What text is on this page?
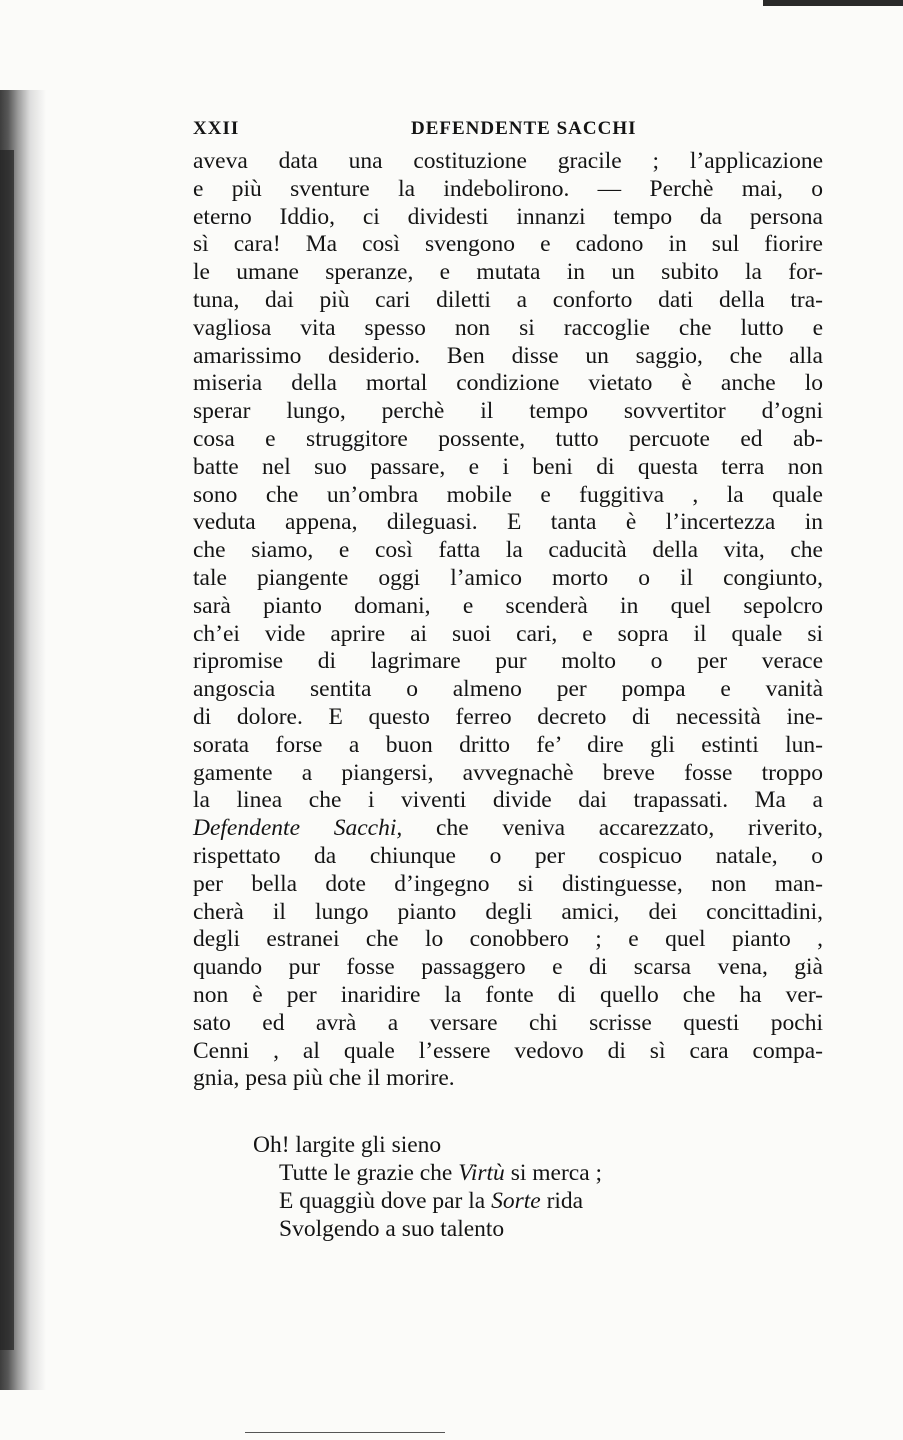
XXII	DEFENDENTE SACCHI
aveva data una costituzione gracile ; l’applicazione
e più sventure la indebolirono. — Perchè mai, o
eterno Iddio, ci dividesti innanzi tempo da persona
sì cara! Ma così svengono e cadono in sul fiorire
le umane speranze, e mutata in un subito la for-
tuna, dai più cari diletti a conforto dati della tra-
vagliosa vita spesso non si raccoglie che lutto e
amarissimo desiderio. Ben disse un saggio, che alla
miseria della mortal condizione vietato è anche lo
sperar lungo, perchè il tempo sovvertitor d’ogni
cosa e struggitore possente, tutto percuote ed ab-
batte nel suo passare, e i beni di questa terra non
sono che un’ombra mobile e fuggitiva , la quale
veduta appena, dileguasi. E tanta è l’incertezza in
che siamo, e così fatta la caducità della vita, che
tale piangente oggi l’amico morto o il congiunto,
sarà pianto domani, e scenderà in quel sepolcro
ch’ei vide aprire ai suoi cari, e sopra il quale si
ripromise di lagrimare pur molto o per verace
angoscia sentita o almeno per pompa e vanità
di dolore. E questo ferreo decreto di necessità ine-
sorata forse a buon dritto fe’ dire gli estinti lun-
gamente a piangersi, avvegnachè breve fosse troppo
la linea che i viventi divide dai trapassati. Ma a
Defendente Sacchi, che veniva accarezzato, riverito,
rispettato da chiunque o per cospicuo natale, o
per bella dote d’ingegno si distinguesse, non man-
cherà il lungo pianto degli amici, dei concittadini,
degli estranei che lo conobbero ; e quel pianto ,
quando pur fosse passaggero e di scarsa vena, già
non è per inaridire la fonte di quello che ha ver-
sato ed avrà a versare chi scrisse questi pochi
Cenni , al quale l’essere vedovo di sì cara compa-
gnia, pesa più che il morire.
Oh! largite gli sieno
Tutte le grazie che Virtù si merca ;
E quaggiù dove par la Sorte rida
Svolgendo a suo talento
